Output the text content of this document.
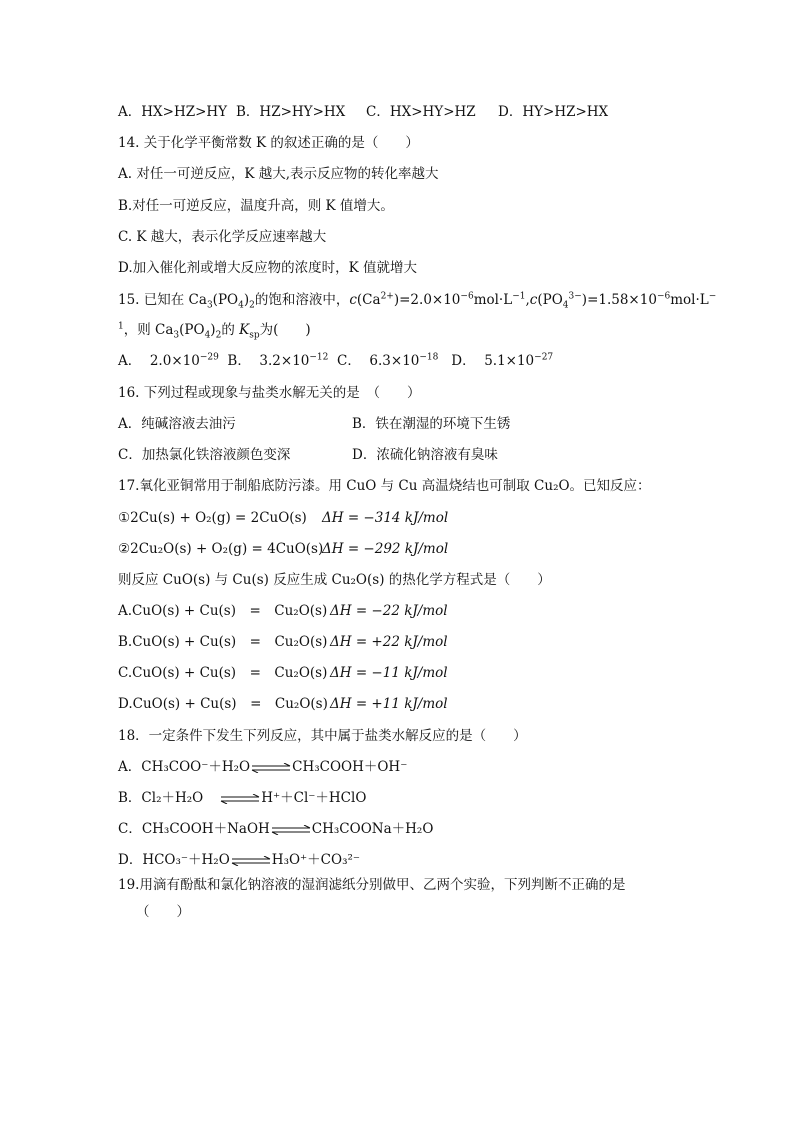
A．HX>HZ>HY B．HZ>HY>HX C．HX>HY>HZ D．HY>HZ>HX
14. 关于化学平衡常数 K 的叙述正确的是（　　）
A. 对任一可逆反应，K 越大,表示反应物的转化率越大
B.对任一可逆反应，温度升高，则 K 值增大。
C. K 越大，表示化学反应速率越大
D.加入催化剂或增大反应物的浓度时，K 值就增大
15. 已知在 $Ca_3(PO_4)_2$的饱和溶液中，$c(Ca^{2+})=2.0\times 10^{-6}mol\cdot L^{-1},c(PO_4^{3-})=1.58\times 10^{-6}mol\cdot L^-$
$^1$，则 $Ca_3(PO_4)_2$的 $K_{sp}$为(　　)
A． $2.0\times 10^{-29}$ B． $3.2\times 10^{-12}$ C． $6.3\times 10^{-18}$ D． $5.1\times 10^{-27}$
16. 下列过程或现象与盐类水解无关的是　（　　）
A．纯碱溶液去油污	B．铁在潮湿的环境下生锈
C．加热氯化铁溶液颜色变深	D．浓硫化钠溶液有臭味
17.氧化亚铜常用于制船底防污漆。用 CuO 与 Cu 高温烧结也可制取 Cu₂O。已知反应：
①2Cu(s) + O₂(g) = 2CuO(s) ΔH = −314 kJ/mol
②2Cu₂O(s) + O₂(g) = 4CuO(s)
ΔH = −292 kJ/mol
则反应 CuO(s) 与 Cu(s) 反应生成 Cu₂O(s) 的热化学方程式是（　　）
A.CuO(s) + Cu(s)　=　Cu₂O(s) ΔH = −22 kJ/mol
B.CuO(s) + Cu(s)　=　Cu₂O(s) ΔH = +22 kJ/mol
C.CuO(s) + Cu(s)　=　Cu₂O(s) ΔH = −11 kJ/mol
D.CuO(s) + Cu(s)　=　Cu₂O(s) ΔH = +11 kJ/mol
18．一定条件下发生下列反应，其中属于盐类水解反应的是（　　）
A．CH₃COO⁻＋H₂O⇌CH₃COOH＋OH⁻
B．Cl₂＋H₂O ⇌H⁺＋Cl⁻＋HClO
C．CH₃COOH＋NaOH⇌CH₃COONa＋H₂O
D．HCO₃⁻＋H₂O⇌H₃O⁺＋CO₃²⁻
19.用滴有酚酞和氯化钠溶液的湿润滤纸分别做甲、乙两个实验，下列判断不正确的是
（　　）
